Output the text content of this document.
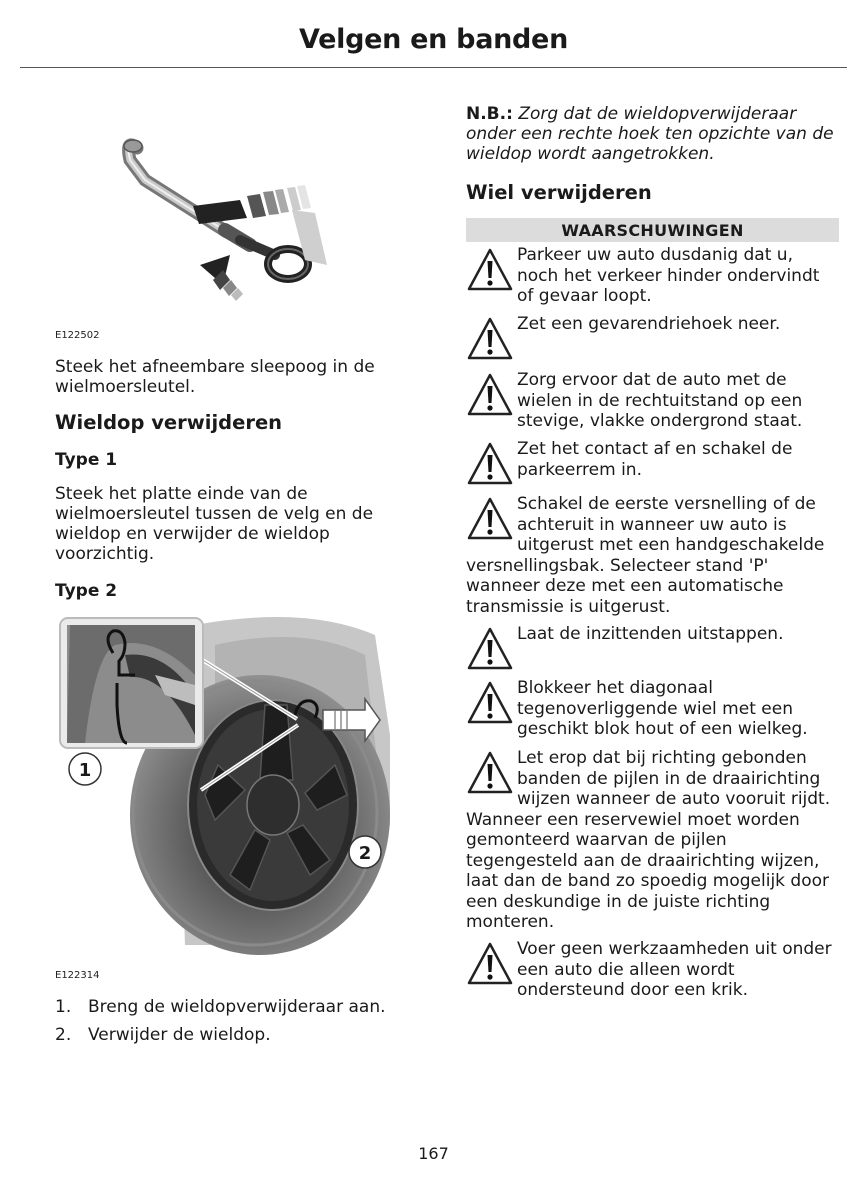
Velgen en banden
E122502

Steek het afneembare sleepoog in de wielmoersleutel.

Wieldop verwijderen
Type 1

Steek het platte einde van de wielmoersleutel tussen de velg en de wieldop en verwijder de wieldop voorzichtig.

Type 2
1
2
E122314
1. Breng de wieldopverwijderaar aan.
2. Verwijder de wieldop.

N.B.: Zorg dat de wieldopverwijderaar onder een rechte hoek ten opzichte van de wieldop wordt aangetrokken.

Wiel verwijderen
WAARSCHUWINGEN
Parkeer uw auto dusdanig dat u, noch het verkeer hinder ondervindt of gevaar loopt.
Zet een gevarendriehoek neer.
Zorg ervoor dat de auto met de wielen in de rechtuitstand op een stevige, vlakke ondergrond staat.
Zet het contact af en schakel de parkeerrem in.
Schakel de eerste versnelling of de achteruit in wanneer uw auto is uitgerust met een handgeschakelde versnellingsbak. Selecteer stand 'P' wanneer deze met een automatische transmissie is uitgerust.
Laat de inzittenden uitstappen.
Blokkeer het diagonaal tegenoverliggende wiel met een geschikt blok hout of een wielkeg.
Let erop dat bij richting gebonden banden de pijlen in de draairichting wijzen wanneer de auto vooruit rijdt. Wanneer een reservewiel moet worden gemonteerd waarvan de pijlen tegengesteld aan de draairichting wijzen, laat dan de band zo spoedig mogelijk door een deskundige in de juiste richting monteren.
Voer geen werkzaamheden uit onder een auto die alleen wordt ondersteund door een krik.
167
